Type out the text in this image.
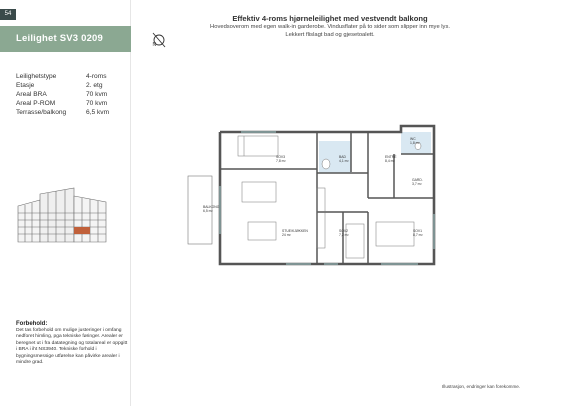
54
Leilighet SV3 0209
Leilighetstype	4-roms
Etasje	2. etg
Areal BRA	70 kvm
Areal P-ROM	70 kvm
Terrasse/balkong	6,5 kvm
Forbehold:
Det tas forbehold om mulige justeringer i omfang nedforet himling, pga tekniske føringer. Arealer er beregnet ut i fra datategning og totalareal er oppgitt i BRA i iht NS3940. Tekniske forhold i bygningsmessige utførelse kan påvirke arealer i mindre grad.
N
Effektiv 4-roms hjørneleilighet med vestvendt balkong
Hovedsoverom med egen walk-in garderobe. Vindusflater på to sider som slipper inn mye lys.
Lekkert flislagt bad og gjesetoalett.
SOV3
7,8 m²
BAD
4,1 m²
WC
1,8 m²
ENTRÉ
8,4 m²
GARD.
3,7 m²
BALKONG
6,5 m²
STUE/KJØKKEN
24 m²
SOV2
7,2 m²
SOV1
8,7 m²
Illustrasjon, endringer kan forekomme.
